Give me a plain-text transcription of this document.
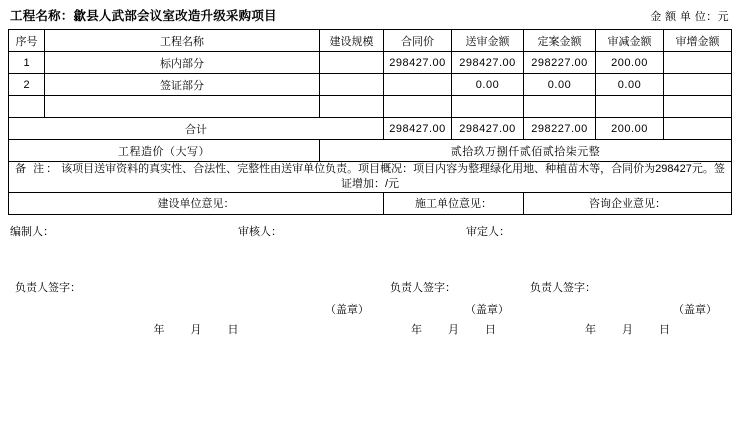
工程名称：歙县人武部会议室改造升级采购项目	金 额 单 位：元
序号	工程名称	建设规模	合同价	送审金额	定案金额	审减金额	审增金额
1	标内部分		298427.00	298427.00	298227.00	200.00	
2	签证部分			0.00	0.00	0.00	

合计			298427.00	298427.00	298227.00	200.00	
工程造价（大写）		贰拾玖万捌仟贰佰贰拾柒元整					
备 注： 该项目送审资料的真实性、合法性、完整性由送审单位负责。项目概况：项目内容为整理绿化用地、种植苗木等，合同价为298427元。签证增加：/元							

建设单位意见：
负责人签字：
（盖章）
年 月 日

施工单位意见：
负责人签字：
（盖章）
年 月 日

咨询企业意见：
负责人签字：
（盖章）
年 月 日
编制人：	审核人：	审定人：
